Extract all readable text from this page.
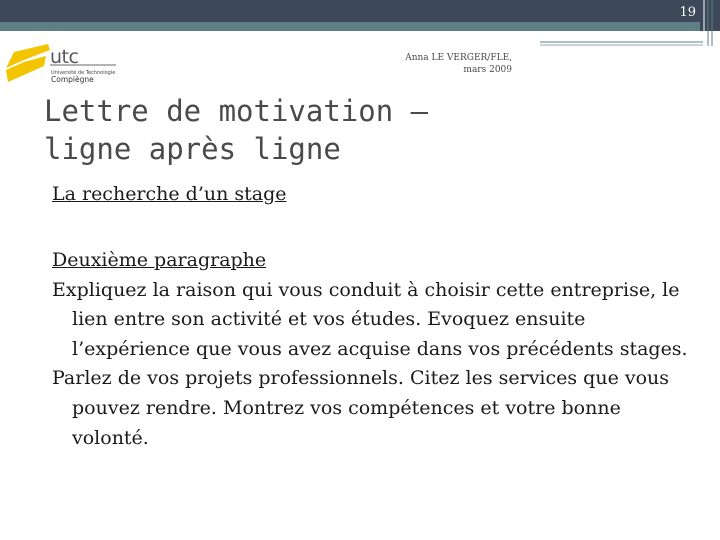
19
utc
Université de Technologie
Compiègne
Anna LE VERGER/FLE,
mars 2009
Lettre de motivation –
ligne après ligne

La recherche d’un stage

Deuxième paragraphe

Expliquez la raison qui vous conduit à choisir cette entreprise, le lien entre son activité et vos études. Evoquez ensuite l’expérience que vous avez acquise dans vos précédents stages.

Parlez de vos projets professionnels. Citez les services que vous pouvez rendre. Montrez vos compétences et votre bonne volonté.
